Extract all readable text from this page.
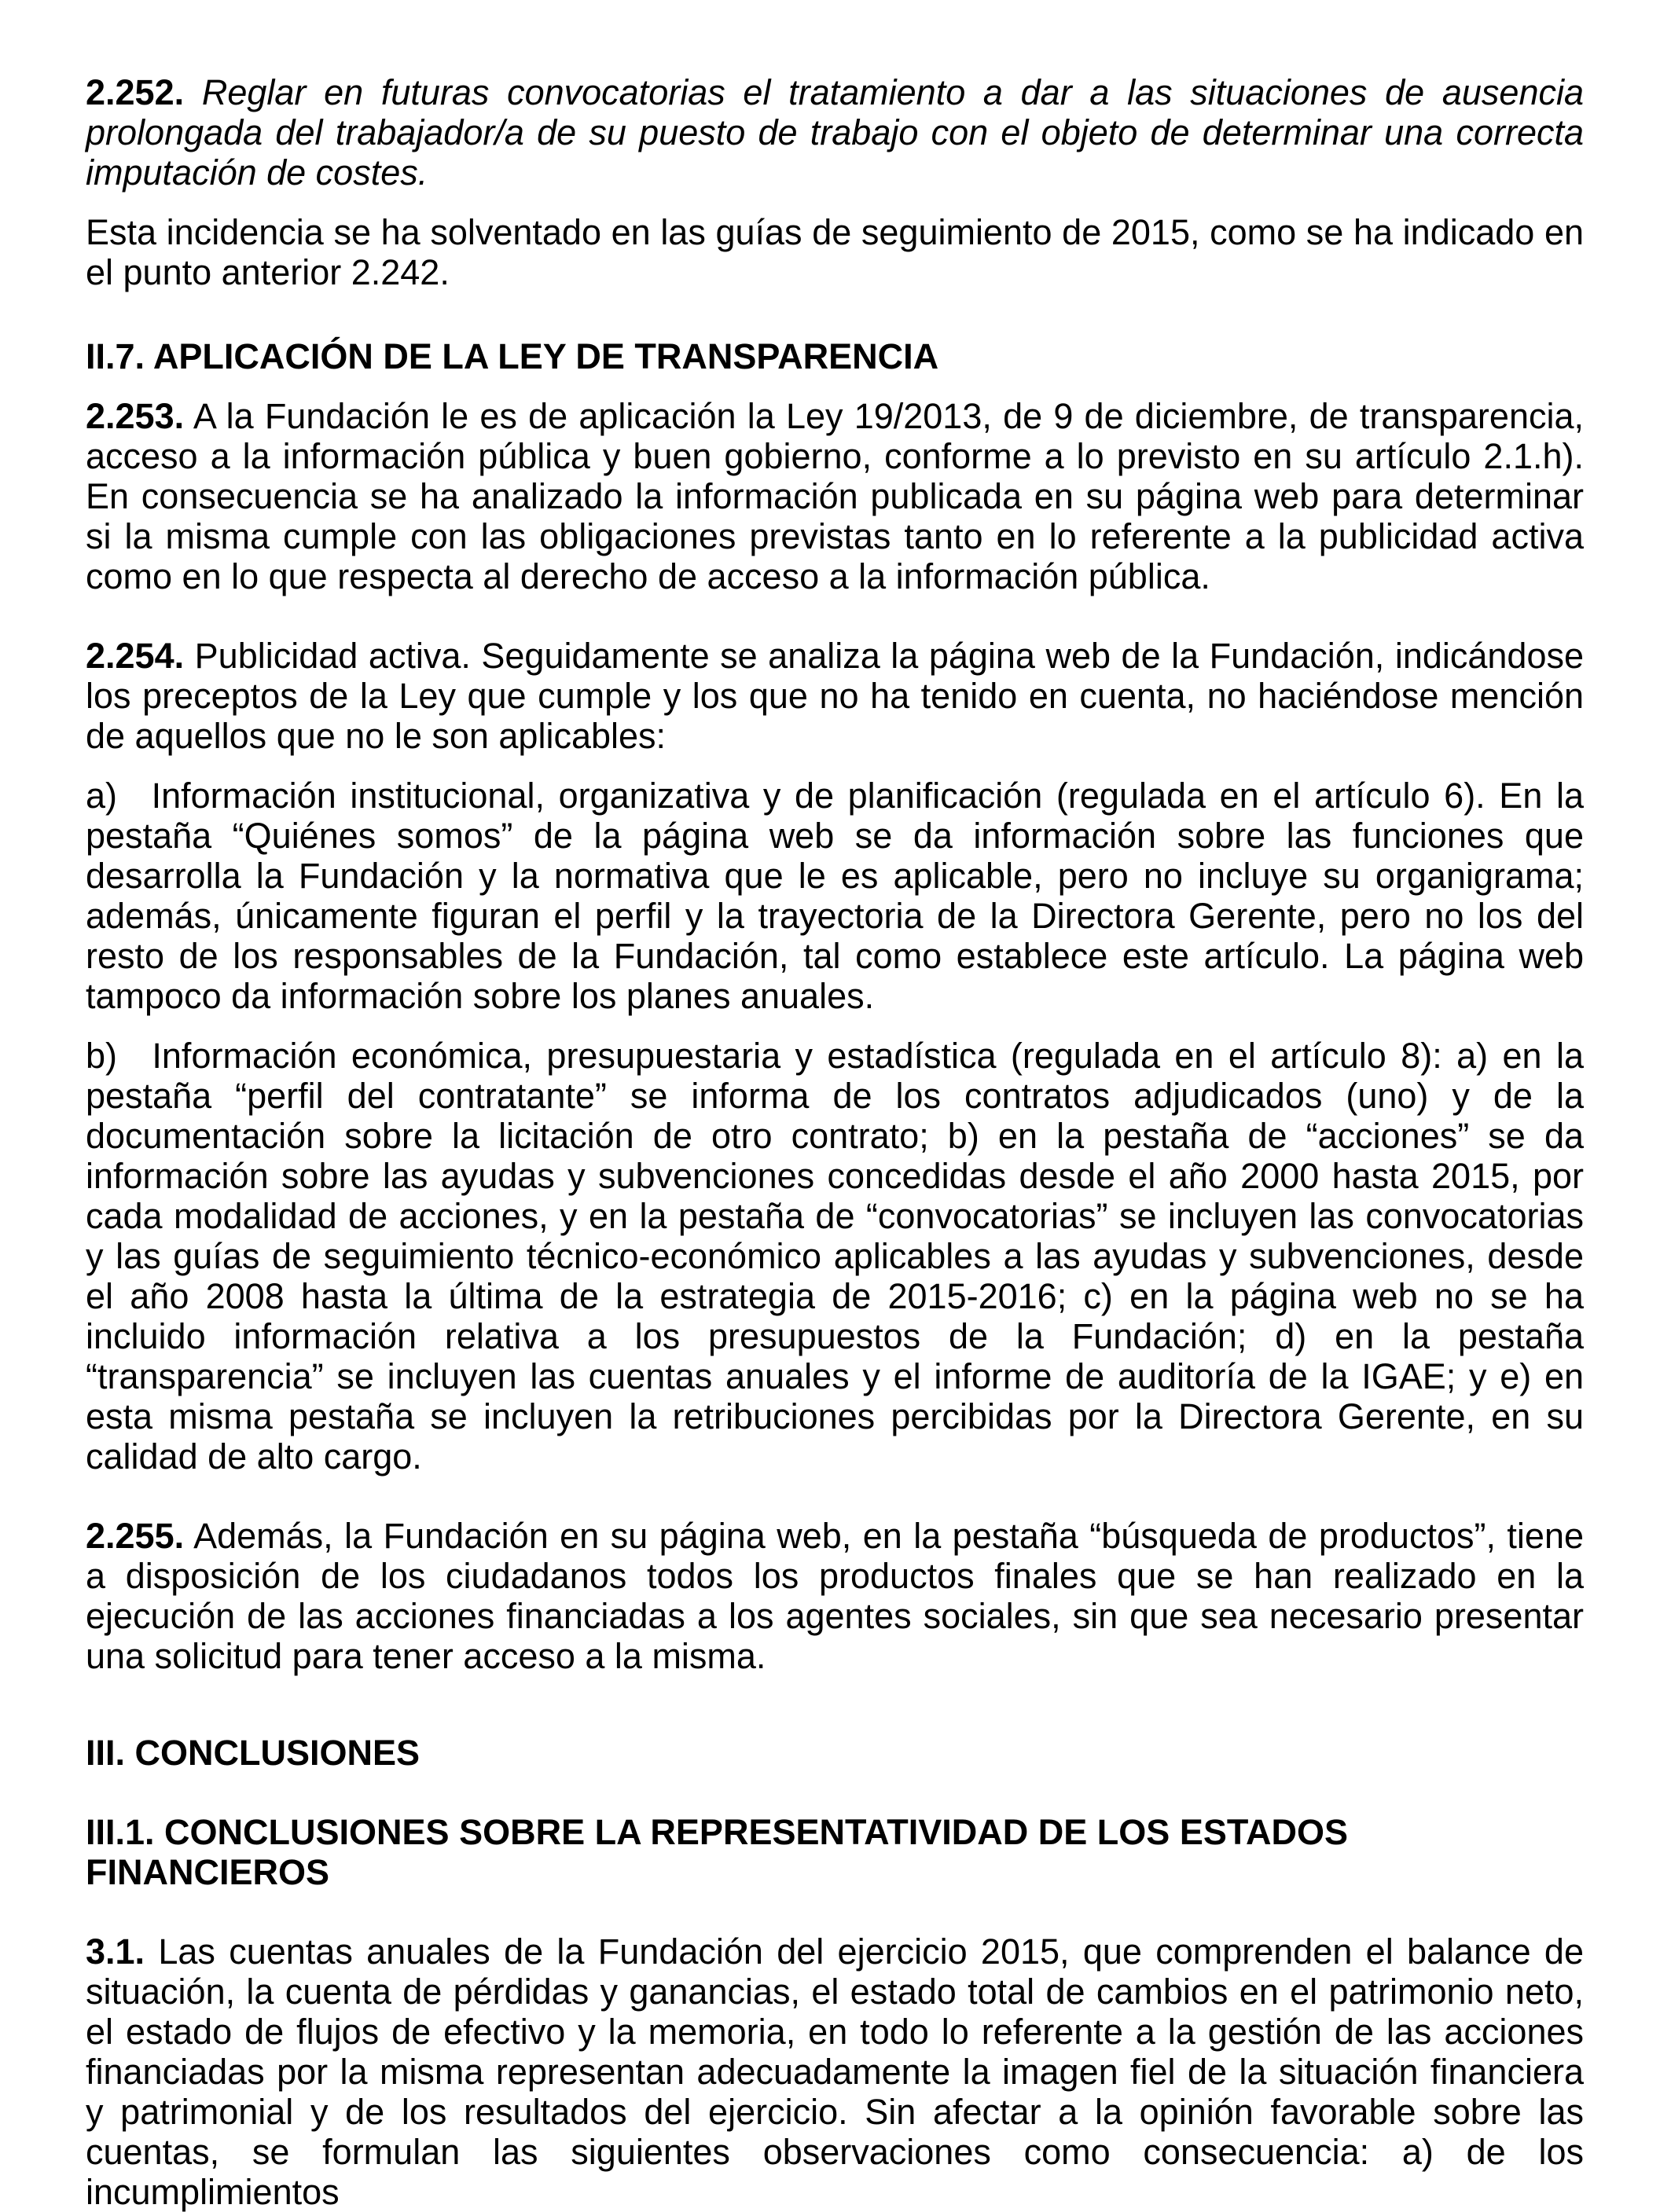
2.252. Reglar en futuras convocatorias el tratamiento a dar a las situaciones de ausencia prolongada del trabajador/a de su puesto de trabajo con el objeto de determinar una correcta imputación de costes.

Esta incidencia se ha solventado en las guías de seguimiento de 2015, como se ha indicado en el punto anterior 2.242.

II.7. APLICACIÓN DE LA LEY DE TRANSPARENCIA

2.253. A la Fundación le es de aplicación la Ley 19/2013, de 9 de diciembre, de transparencia, acceso a la información pública y buen gobierno, conforme a lo previsto en su artículo 2.1.h). En consecuencia se ha analizado la información publicada en su página web para determinar si la misma cumple con las obligaciones previstas tanto en lo referente a la publicidad activa como en lo que respecta al derecho de acceso a la información pública.

2.254. Publicidad activa. Seguidamente se analiza la página web de la Fundación, indicándose los preceptos de la Ley que cumple y los que no ha tenido en cuenta, no haciéndose mención de aquellos que no le son aplicables:

a) Información institucional, organizativa y de planificación (regulada en el artículo 6). En la pestaña “Quiénes somos” de la página web se da información sobre las funciones que desarrolla la Fundación y la normativa que le es aplicable, pero no incluye su organigrama; además, únicamente figuran el perfil y la trayectoria de la Directora Gerente, pero no los del resto de los responsables de la Fundación, tal como establece este artículo. La página web tampoco da información sobre los planes anuales.

b) Información económica, presupuestaria y estadística (regulada en el artículo 8): a) en la pestaña “perfil del contratante” se informa de los contratos adjudicados (uno) y de la documentación sobre la licitación de otro contrato; b) en la pestaña de “acciones” se da información sobre las ayudas y subvenciones concedidas desde el año 2000 hasta 2015, por cada modalidad de acciones, y en la pestaña de “convocatorias” se incluyen las convocatorias y las guías de seguimiento técnico-económico aplicables a las ayudas y subvenciones, desde el año 2008 hasta la última de la estrategia de 2015-2016; c) en la página web no se ha incluido información relativa a los presupuestos de la Fundación; d) en la pestaña “transparencia” se incluyen las cuentas anuales y el informe de auditoría de la IGAE; y e) en esta misma pestaña se incluyen la retribuciones percibidas por la Directora Gerente, en su calidad de alto cargo.

2.255. Además, la Fundación en su página web, en la pestaña “búsqueda de productos”, tiene a disposición de los ciudadanos todos los productos finales que se han realizado en la ejecución de las acciones financiadas a los agentes sociales, sin que sea necesario presentar una solicitud para tener acceso a la misma.

III. CONCLUSIONES

III.1. CONCLUSIONES SOBRE LA REPRESENTATIVIDAD DE LOS ESTADOS FINANCIEROS

3.1. Las cuentas anuales de la Fundación del ejercicio 2015, que comprenden el balance de situación, la cuenta de pérdidas y ganancias, el estado total de cambios en el patrimonio neto, el estado de flujos de efectivo y la memoria, en todo lo referente a la gestión de las acciones financiadas por la misma representan adecuadamente la imagen fiel de la situación financiera y patrimonial y de los resultados del ejercicio. Sin afectar a la opinión favorable sobre las cuentas, se formulan las siguientes observaciones como consecuencia: a) de los incumplimientos
